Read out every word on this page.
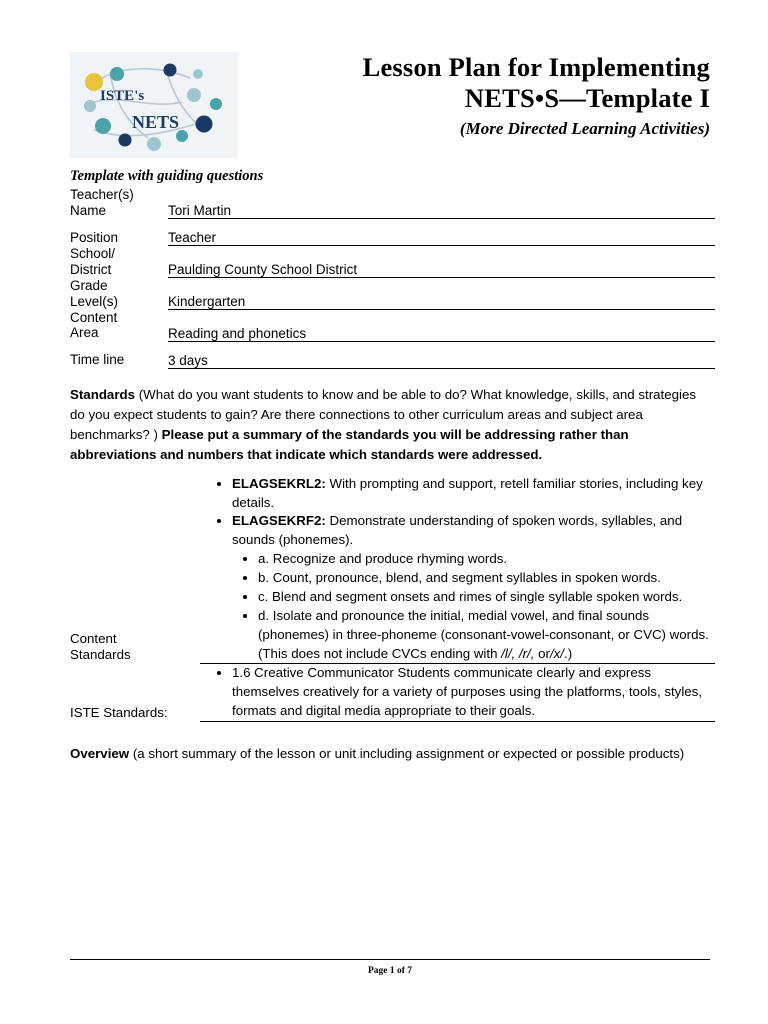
ISTE's
NETS
Lesson Plan for Implementing
NETS•S—Template I
(More Directed Learning Activities)
Template with guiding questions
Teacher(s)
Name	Tori Martin
Position	Teacher
School/
District	Paulding County School District
Grade
Level(s)	Kindergarten
Content
Area	Reading and phonetics
Time line	3 days
Standards (What do you want students to know and be able to do? What knowledge, skills, and strategies do you expect students to gain? Are there connections to other curriculum areas and subject area benchmarks? ) Please put a summary of the standards you will be addressing rather than abbreviations and numbers that indicate which standards were addressed.
Content
Standards	
• ELAGSEKRL2: With prompting and support, retell familiar stories, including key details.
• ELAGSEKRF2: Demonstrate understanding of spoken words, syllables, and sounds (phonemes).
• a. Recognize and produce rhyming words.
• b. Count, pronounce, blend, and segment syllables in spoken words.
• c. Blend and segment onsets and rimes of single syllable spoken words.
• d. Isolate and pronounce the initial, medial vowel, and final sounds (phonemes) in three-phoneme (consonant-vowel-consonant, or CVC) words. (This does not include CVCs ending with /l/, /r/, or/x/.)

ISTE Standards:	
• 1.6 Creative Communicator Students communicate clearly and express themselves creatively for a variety of purposes using the platforms, tools, styles, formats and digital media appropriate to their goals.
Overview (a short summary of the lesson or unit including assignment or expected or possible products)
Page 1 of 7
